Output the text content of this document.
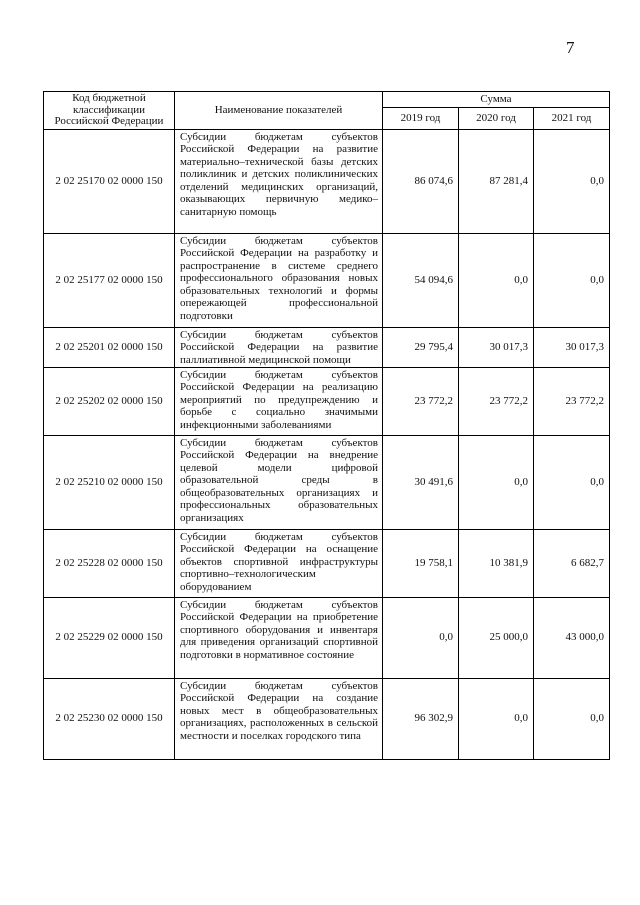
7
Код бюджетной классификации Российской Федерации	Наименование показателей	Сумма		
		2019 год	2020 год	2021 год
2 02 25170 02 0000 150	Субсидии бюджетам субъектов Российской Федерации на развитие материально–технической базы детских поликлиник и детских поликлинических отделений медицинских организаций, оказывающих первичную медико–санитарную помощь	86 074,6	87 281,4	0,0
2 02 25177 02 0000 150	Субсидии бюджетам субъектов Российской Федерации на разработку и распространение в системе среднего профессионального образования новых образовательных технологий и формы опережающей профессиональной подготовки	54 094,6	0,0	0,0
2 02 25201 02 0000 150	Субсидии бюджетам субъектов Российской Федерации на развитие паллиативной медицинской помощи	29 795,4	30 017,3	30 017,3
2 02 25202 02 0000 150	Субсидии бюджетам субъектов Российской Федерации на реализацию мероприятий по предупреждению и борьбе с социально значимыми инфекционными заболеваниями	23 772,2	23 772,2	23 772,2
2 02 25210 02 0000 150	Субсидии бюджетам субъектов Российской Федерации на внедрение целевой модели цифровой образовательной среды в общеобразовательных организациях и профессиональных образовательных организациях	30 491,6	0,0	0,0
2 02 25228 02 0000 150	Субсидии бюджетам субъектов Российской Федерации на оснащение объектов спортивной инфраструктуры спортивно–технологическим оборудованием	19 758,1	10 381,9	6 682,7
2 02 25229 02 0000 150	Субсидии бюджетам субъектов Российской Федерации на приобретение спортивного оборудования и инвентаря для приведения организаций спортивной подготовки в нормативное состояние	0,0	25 000,0	43 000,0
2 02 25230 02 0000 150	Субсидии бюджетам субъектов Российской Федерации на создание новых мест в общеобразовательных организациях, расположенных в сельской местности и поселках городского типа	96 302,9	0,0	0,0
